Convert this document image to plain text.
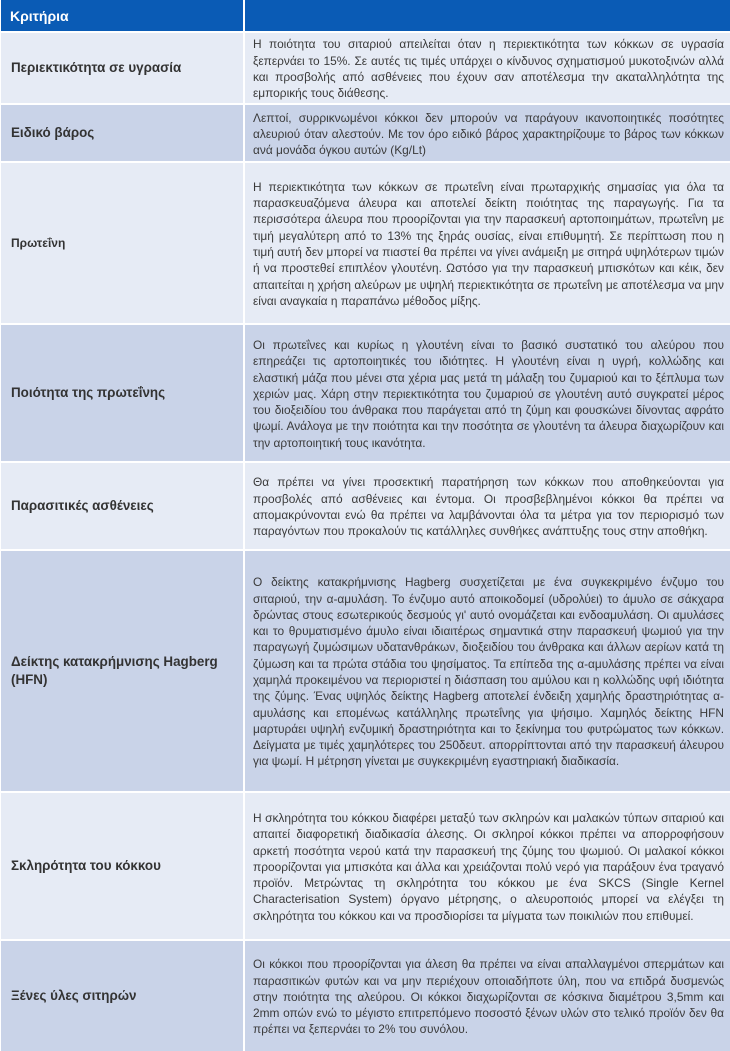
Κριτήρια
Περιεκτικότητα σε υγρασία

Η ποιότητα του σιταριού απειλείται όταν η περιεκτικότητα των κόκκων σε υγρασία ξεπερνάει το 15%. Σε αυτές τις τιμές υπάρχει ο κίνδυνος σχηματισμού μυκοτοξινών αλλά και προσβολής από ασθένειες που έχουν σαν αποτέλεσμα την ακαταλληλότητα της εμπορικής τους διάθεσης.

Ειδικό βάρος

Λεπτοί, συρρικνωμένοι κόκκοι δεν μπορούν να παράγουν ικανοποιητικές ποσότητες αλευριού όταν αλεστούν. Με τον όρο ειδικό βάρος χαρακτηρίζουμε το βάρος των κόκκων ανά μονάδα όγκου αυτών (Kg/Lt)

Πρωτεΐνη

Η περιεκτικότητα των κόκκων σε πρωτεΐνη είναι πρωταρχικής σημασίας για όλα τα παρασκευαζόμενα άλευρα και αποτελεί δείκτη ποιότητας της παραγωγής. Για τα περισσότερα άλευρα που προορίζονται για την παρασκευή αρτοποιημάτων, πρωτεΐνη με τιμή μεγαλύτερη από το 13% της ξηράς ουσίας, είναι επιθυμητή. Σε περίπτωση που η τιμή αυτή δεν μπορεί να πιαστεί θα πρέπει να γίνει ανάμειξη με σιτηρά υψηλότερων τιμών ή να προστεθεί επιπλέον γλουτένη. Ωστόσο για την παρασκευή μπισκότων και κέικ, δεν απαιτείται η χρήση αλεύρων με υψηλή περιεκτικότητα σε πρωτεΐνη με αποτέλεσμα να μην είναι αναγκαία η παραπάνω μέθοδος μίξης.

Ποιότητα της πρωτεΐνης

Οι πρωτεΐνες και κυρίως η γλουτένη είναι το βασικό συστατικό του αλεύρου που επηρεάζει τις αρτοποιητικές του ιδιότητες. Η γλουτένη είναι η υγρή, κολλώδης και ελαστική μάζα που μένει στα χέρια μας μετά τη μάλαξη του ζυμαριού και το ξέπλυμα των χεριών μας. Χάρη στην περιεκτικότητα του ζυμαριού σε γλουτένη αυτό συγκρατεί μέρος του διοξειδίου του άνθρακα που παράγεται από τη ζύμη και φουσκώνει δίνοντας αφράτο ψωμί. Ανάλογα με την ποιότητα και την ποσότητα σε γλουτένη τα άλευρα διαχωρίζουν και την αρτοποιητική τους ικανότητα.

Παρασιτικές ασθένειες

Θα πρέπει να γίνει προσεκτική παρατήρηση των κόκκων που αποθηκεύονται για προσβολές από ασθένειες και έντομα. Οι προσβεβλημένοι κόκκοι θα πρέπει να απομακρύνονται ενώ θα πρέπει να λαμβάνονται όλα τα μέτρα για τον περιορισμό των παραγόντων που προκαλούν τις κατάλληλες συνθήκες ανάπτυξης τους στην αποθήκη.

Δείκτης κατακρήμνισης Hagberg (HFN)

Ο δείκτης κατακρήμνισης Hagberg συσχετίζεται με ένα συγκεκριμένο ένζυμο του σιταριού, την α-αμυλάση. Το ένζυμο αυτό αποικοδομεί (υδρολύει) το άμυλο σε σάκχαρα δρώντας στους εσωτερικούς δεσμούς γι' αυτό ονομάζεται και ενδοαμυλάση. Οι αμυλάσες και το θρυματισμένο άμυλο είναι ιδιαιτέρως σημαντικά στην παρασκευή ψωμιού για την παραγωγή ζυμώσιμων υδατανθράκων, διοξειδίου του άνθρακα και άλλων αερίων κατά τη ζύμωση και τα πρώτα στάδια του ψησίματος. Τα επίπεδα της α-αμυλάσης πρέπει να είναι χαμηλά προκειμένου να περιοριστεί η διάσπαση του αμύλου και η κολλώδης υφή ιδιότητα της ζύμης. Ένας υψηλός δείκτης Hagberg αποτελεί ένδειξη χαμηλής δραστηριότητας α-αμυλάσης και επομένως κατάλληλης πρωτεΐνης για ψήσιμο. Χαμηλός δείκτης HFN μαρτυράει υψηλή ενζυμική δραστηριότητα και το ξεκίνημα του φυτρώματος των κόκκων. Δείγματα με τιμές χαμηλότερες του 250δευτ. απορρίπτονται από την παρασκευή άλευρου για ψωμί. Η μέτρηση γίνεται με συγκεκριμένη εγαστηριακή διαδικασία.

Σκληρότητα του κόκκου

Η σκληρότητα του κόκκου διαφέρει μεταξύ των σκληρών και μαλακών τύπων σιταριού και απαιτεί διαφορετική διαδικασία άλεσης. Οι σκληροί κόκκοι πρέπει να απορροφήσουν αρκετή ποσότητα νερού κατά την παρασκευή της ζύμης του ψωμιού. Οι μαλακοί κόκκοι προορίζονται για μπισκότα και άλλα και χρειάζονται πολύ νερό για παράξουν ένα τραγανό προϊόν. Μετρώντας τη σκληρότητα του κόκκου με ένα SKCS (Single Kernel Characterisation System) όργανο μέτρησης, ο αλευροποιός μπορεί να ελέγξει τη σκληρότητα του κόκκου και να προσδιορίσει τα μίγματα των ποικιλιών που επιθυμεί.

Ξένες ύλες σιτηρών

Οι κόκκοι που προορίζονται για άλεση θα πρέπει να είναι απαλλαγμένοι σπερμάτων και παρασιτικών φυτών και να μην περιέχουν οποιαδήποτε ύλη, που να επιδρά δυσμενώς στην ποιότητα της αλεύρου. Οι κόκκοι διαχωρίζονται σε κόσκινα διαμέτρου 3,5mm και 2mm οπών ενώ το μέγιστο επιτρεπόμενο ποσοστό ξένων υλών στο τελικό προϊόν δεν θα πρέπει να ξεπερνάει το 2% του συνόλου.
